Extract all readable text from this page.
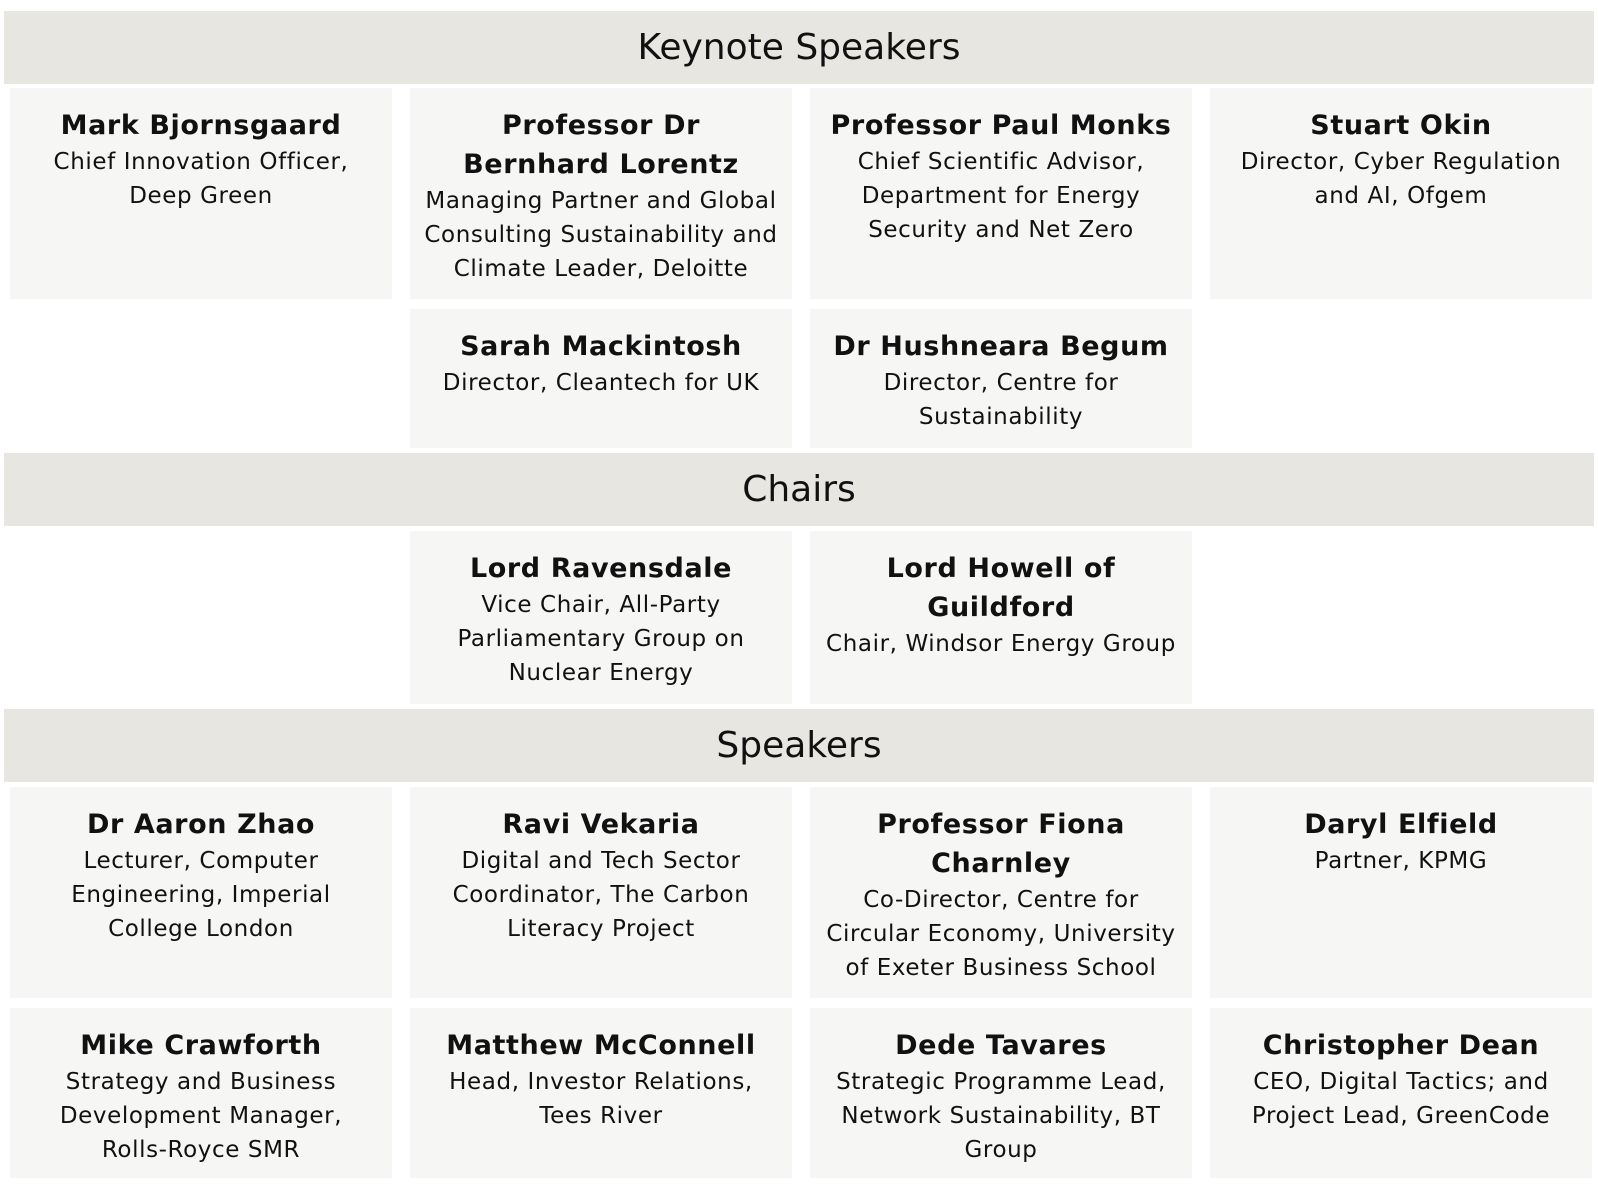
Keynote Speakers
Mark Bjornsgaard
Chief Innovation Officer, Deep Green
Professor Dr Bernhard Lorentz
Managing Partner and Global Consulting Sustainability and Climate Leader, Deloitte
Professor Paul Monks
Chief Scientific Advisor, Department for Energy Security and Net Zero
Stuart Okin
Director, Cyber Regulation and AI, Ofgem
Sarah Mackintosh
Director, Cleantech for UK
Dr Hushneara Begum
Director, Centre for Sustainability
Chairs
Lord Ravensdale
Vice Chair, All-Party Parliamentary Group on Nuclear Energy
Lord Howell of Guildford
Chair, Windsor Energy Group
Speakers
Dr Aaron Zhao
Lecturer, Computer Engineering, Imperial College London
Ravi Vekaria
Digital and Tech Sector Coordinator, The Carbon Literacy Project
Professor Fiona Charnley
Co-Director, Centre for Circular Economy, University of Exeter Business School
Daryl Elfield
Partner, KPMG
Mike Crawforth
Strategy and Business Development Manager, Rolls-Royce SMR
Matthew McConnell
Head, Investor Relations, Tees River
Dede Tavares
Strategic Programme Lead, Network Sustainability, BT Group
Christopher Dean
CEO, Digital Tactics; and Project Lead, GreenCode
